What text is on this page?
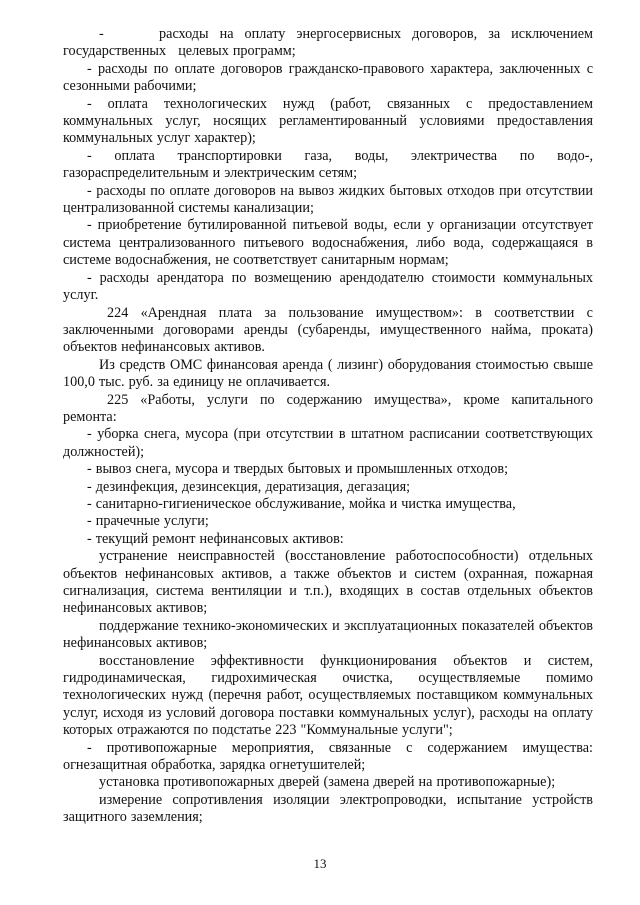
-     расходы на оплату энергосервисных договоров, за исключением государственных   целевых программ;

- расходы по оплате договоров гражданско-правового характера, заключенных с сезонными рабочими;

- оплата технологических нужд (работ, связанных с предоставлением коммунальных услуг, носящих регламентированный условиями предоставления коммунальных услуг характер);

- оплата транспортировки газа, воды, электричества по водо-, газораспределительным и электрическим сетям;

- расходы по оплате договоров на вывоз жидких бытовых отходов при отсутствии централизованной системы канализации;

- приобретение бутилированной питьевой воды, если у организации отсутствует система централизованного питьевого водоснабжения, либо вода, содержащаяся в системе водоснабжения, не соответствует санитарным нормам;

- расходы арендатора по возмещению арендодателю стоимости коммунальных услуг.

224 «Арендная плата за пользование имуществом»: в соответствии с заключенными договорами аренды (субаренды, имущественного найма, проката) объектов нефинансовых активов.

Из средств ОМС финансовая аренда ( лизинг) оборудования стоимостью свыше 100,0 тыс. руб. за единицу не оплачивается.

225 «Работы, услуги по содержанию имущества», кроме капитального ремонта:

- уборка снега, мусора (при отсутствии в штатном расписании соответствующих должностей);

- вывоз снега, мусора и твердых бытовых и промышленных отходов;

- дезинфекция, дезинсекция, дератизация, дегазация;

- санитарно-гигиеническое обслуживание, мойка и чистка имущества,

- прачечные услуги;

- текущий ремонт нефинансовых активов:

устранение неисправностей (восстановление работоспособности) отдельных объектов нефинансовых активов, а также объектов и систем (охранная, пожарная сигнализация, система вентиляции и т.п.), входящих в состав отдельных объектов нефинансовых активов;

поддержание технико-экономических и эксплуатационных показателей объектов нефинансовых активов;

восстановление эффективности функционирования объектов и систем, гидродинамическая, гидрохимическая очистка, осуществляемые помимо технологических нужд (перечня работ, осуществляемых поставщиком коммунальных услуг, исходя из условий договора поставки коммунальных услуг), расходы на оплату которых отражаются по подстатье 223 "Коммунальные услуги";

- противопожарные мероприятия, связанные с содержанием имущества: огнезащитная обработка, зарядка огнетушителей;

установка противопожарных дверей (замена дверей на противопожарные);

измерение сопротивления изоляции электропроводки, испытание устройств защитного заземления;

13
